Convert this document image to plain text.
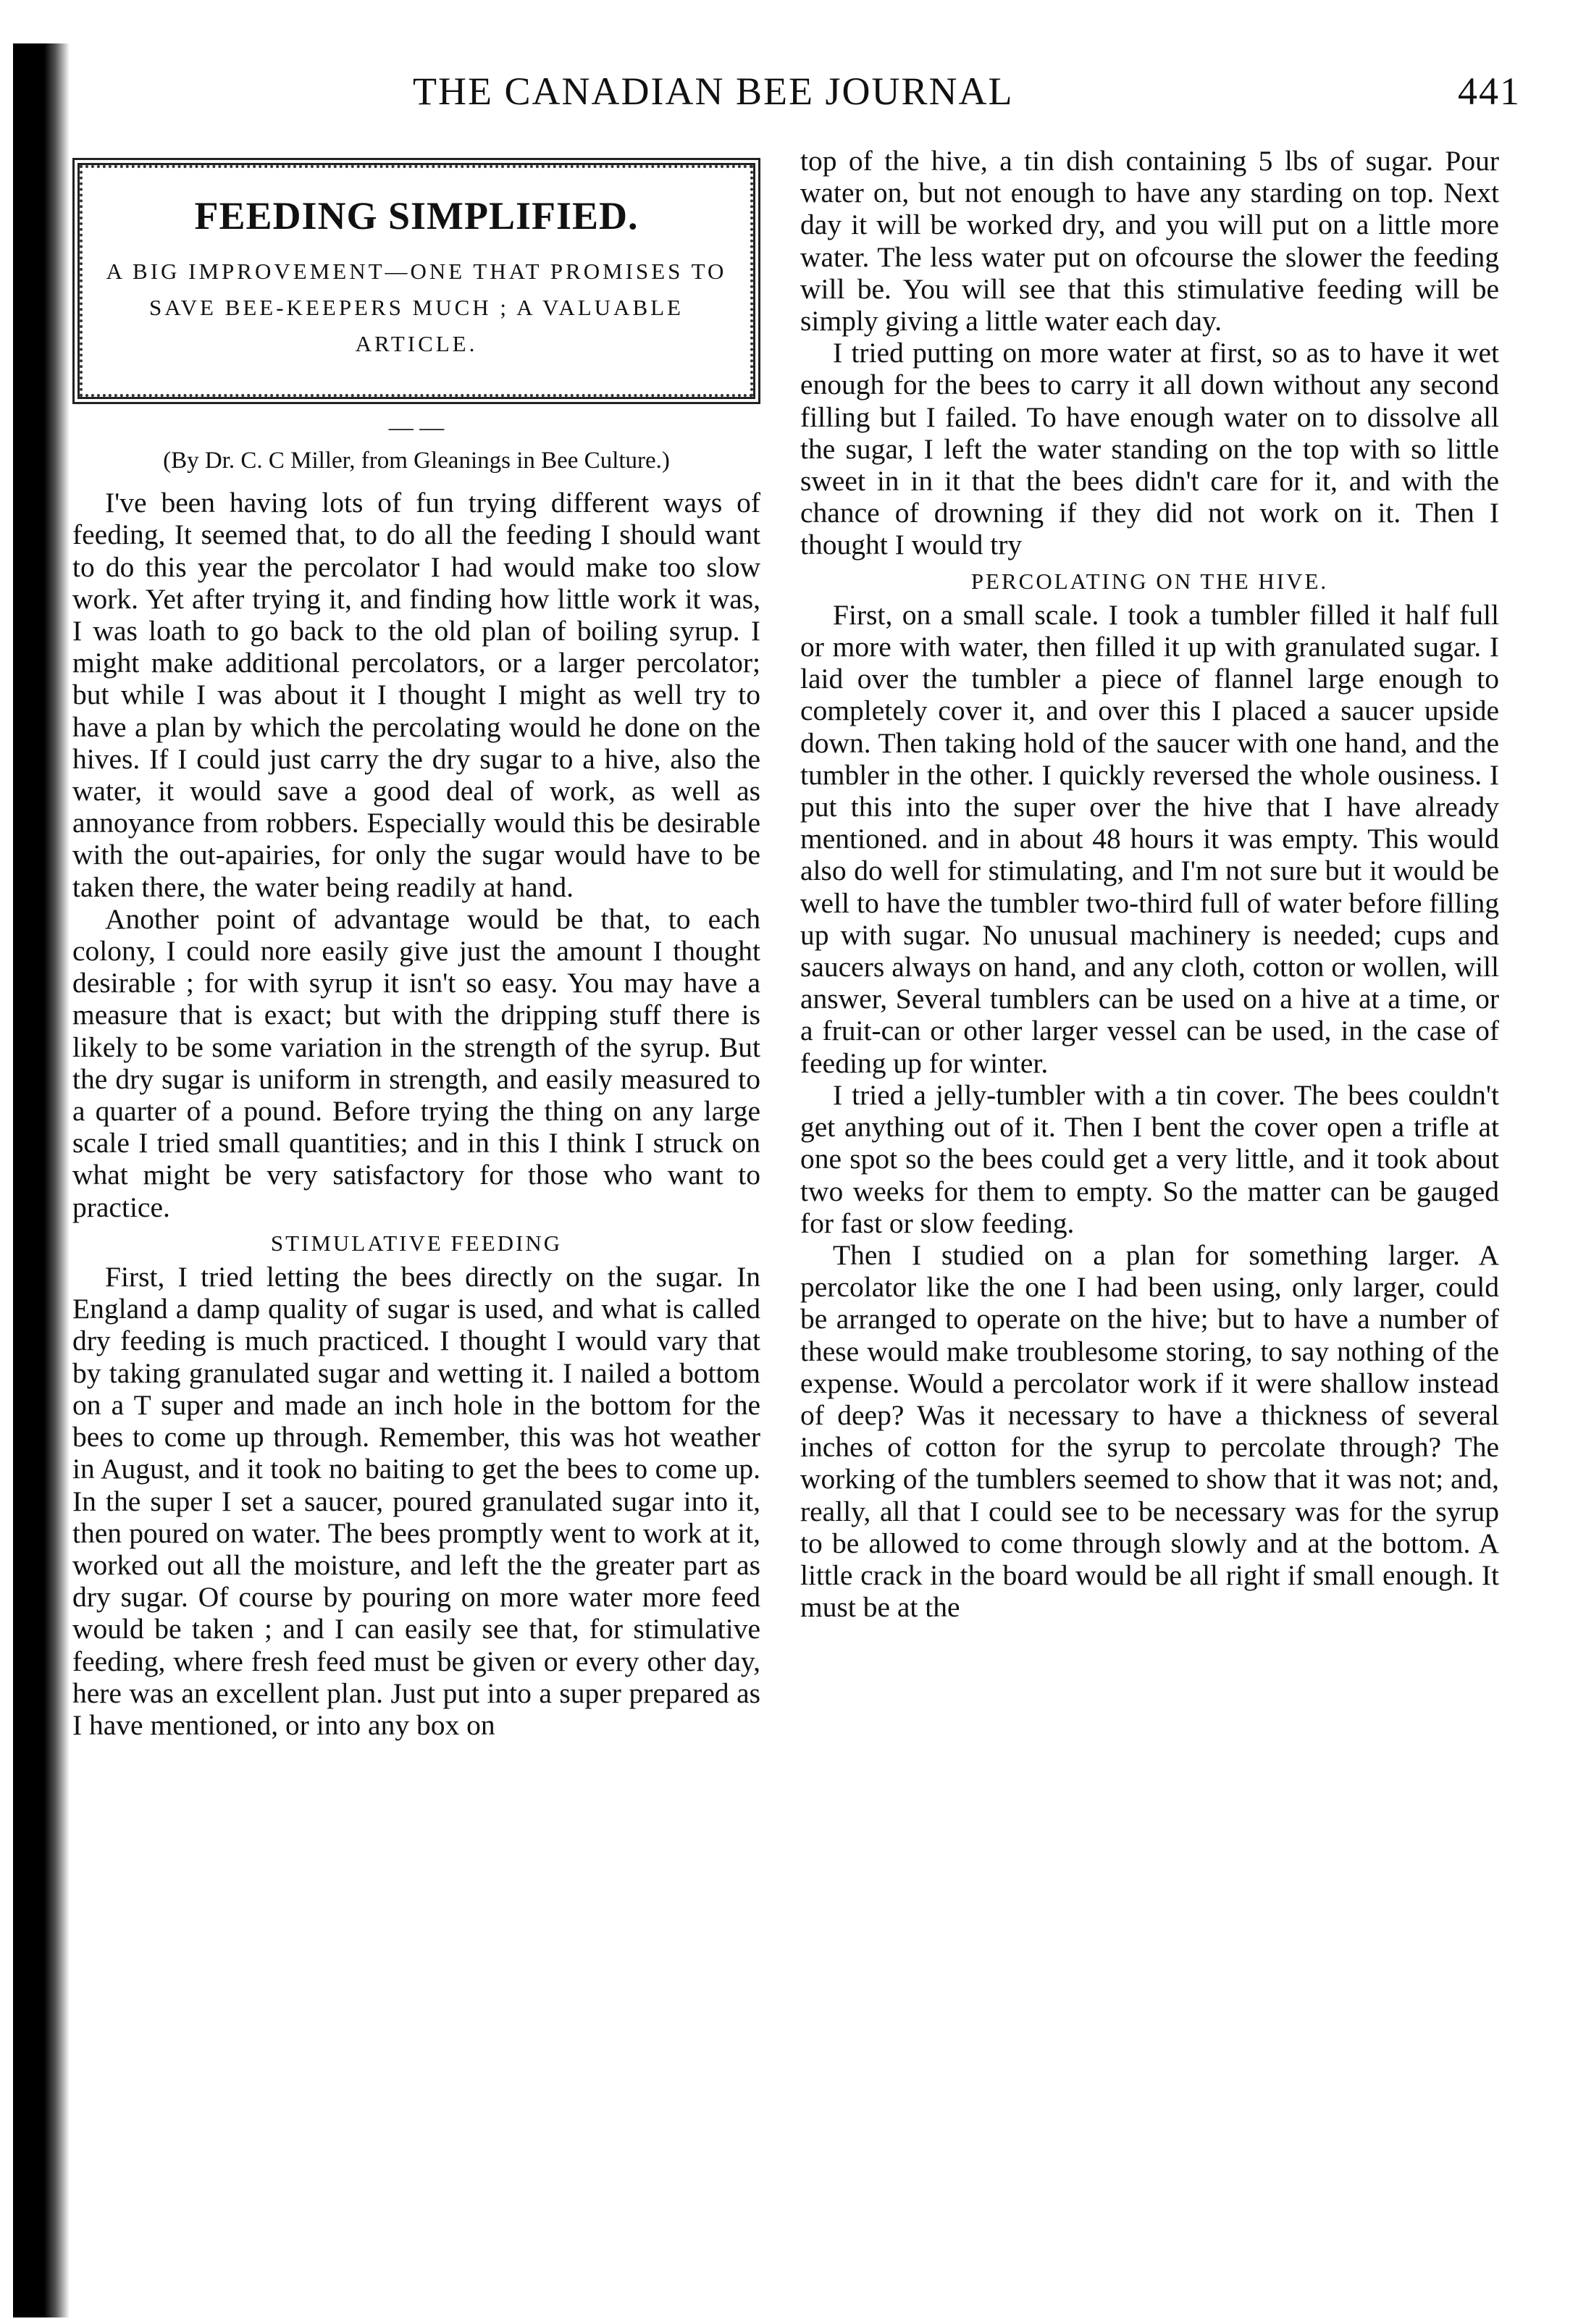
THE CANADIAN BEE JOURNAL	441
FEEDING SIMPLIFIED.
A BIG IMPROVEMENT—ONE THAT PROMISES TO SAVE BEE-KEEPERS MUCH ; A VALUABLE ARTICLE.
— —
(By Dr. C. C Miller, from Gleanings in Bee Culture.)

I've been having lots of fun trying different ways of feeding, It seemed that, to do all the feeding I should want to do this year the percolator I had would make too slow work. Yet after trying it, and finding how little work it was, I was loath to go back to the old plan of boiling syrup. I might make additional percolators, or a larger percolator; but while I was about it I thought I might as well try to have a plan by which the percolating would he done on the hives. If I could just carry the dry sugar to a hive, also the water, it would save a good deal of work, as well as annoyance from robbers. Especially would this be desirable with the out-apairies, for only the sugar would have to be taken there, the water being readily at hand.

Another point of advantage would be that, to each colony, I could nore easily give just the amount I thought desirable ; for with syrup it isn't so easy. You may have a measure that is exact; but with the dripping stuff there is likely to be some variation in the strength of the syrup. But the dry sugar is uniform in strength, and easily measured to a quarter of a pound. Before trying the thing on any large scale I tried small quantities; and in this I think I struck on what might be very satisfactory for those who want to practice.

STIMULATIVE FEEDING

First, I tried letting the bees directly on the sugar. In England a damp quality of sugar is used, and what is called dry feeding is much practiced. I thought I would vary that by taking granulated sugar and wetting it. I nailed a bottom on a T super and made an inch hole in the bottom for the bees to come up through. Remember, this was hot weather in August, and it took no baiting to get the bees to come up. In the super I set a saucer, poured granulated sugar into it, then poured on water. The bees promptly went to work at it, worked out all the moisture, and left the the greater part as dry sugar. Of course by pouring on more water more feed would be taken ; and I can easily see that, for stimulative feeding, where fresh feed must be given or every other day, here was an excellent plan. Just put into a super prepared as I have mentioned, or into any box on

top of the hive, a tin dish containing 5 lbs of sugar. Pour water on, but not enough to have any starding on top. Next day it will be worked dry, and you will put on a little more water. The less water put on ofcourse the slower the feeding will be. You will see that this stimulative feeding will be simply giving a little water each day.

I tried putting on more water at first, so as to have it wet enough for the bees to carry it all down without any second filling but I failed. To have enough water on to dissolve all the sugar, I left the water standing on the top with so little sweet in in it that the bees didn't care for it, and with the chance of drowning if they did not work on it. Then I thought I would try

PERCOLATING ON THE HIVE.

First, on a small scale. I took a tumbler filled it half full or more with water, then filled it up with granulated sugar. I laid over the tumbler a piece of flannel large enough to completely cover it, and over this I placed a saucer upside down. Then taking hold of the saucer with one hand, and the tumbler in the other. I quickly reversed the whole ousiness. I put this into the super over the hive that I have already mentioned. and in about 48 hours it was empty. This would also do well for stimulating, and I'm not sure but it would be well to have the tumbler two-third full of water before filling up with sugar. No unusual machinery is needed; cups and saucers always on hand, and any cloth, cotton or wollen, will answer, Several tumblers can be used on a hive at a time, or a fruit-can or other larger vessel can be used, in the case of feeding up for winter.

I tried a jelly-tumbler with a tin cover. The bees couldn't get anything out of it. Then I bent the cover open a trifle at one spot so the bees could get a very little, and it took about two weeks for them to empty. So the matter can be gauged for fast or slow feeding.

Then I studied on a plan for something larger. A percolator like the one I had been using, only larger, could be arranged to operate on the hive; but to have a number of these would make troublesome storing, to say nothing of the expense. Would a percolator work if it were shallow instead of deep? Was it necessary to have a thickness of several inches of cotton for the syrup to percolate through? The working of the tumblers seemed to show that it was not; and, really, all that I could see to be necessary was for the syrup to be allowed to come through slowly and at the bottom. A little crack in the board would be all right if small enough. It must be at the
